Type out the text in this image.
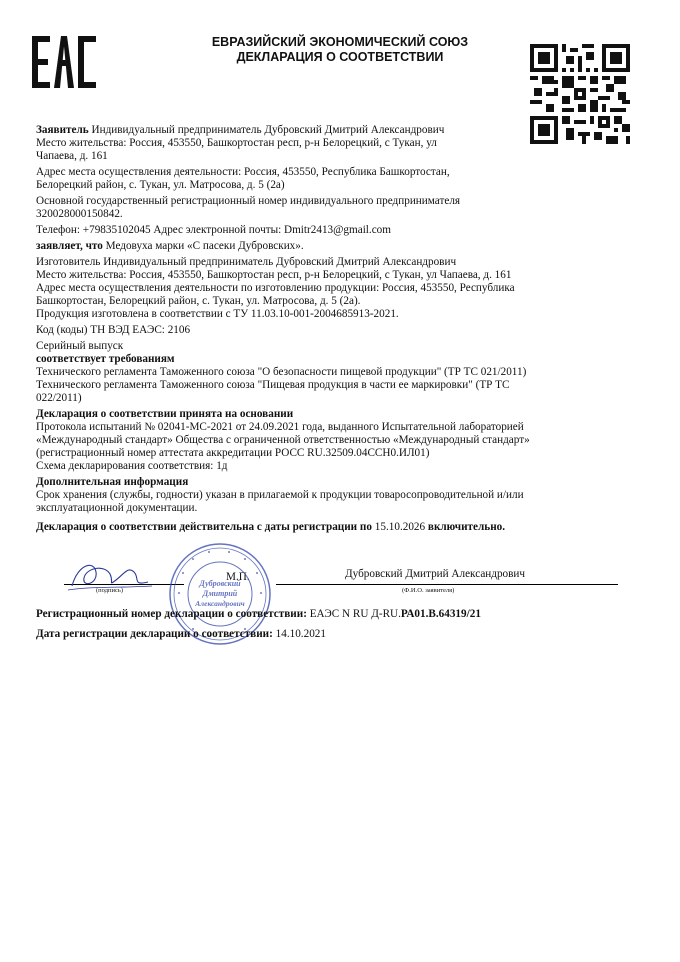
ЕВРАЗИЙСКИЙ ЭКОНОМИЧЕСКИЙ СОЮЗ
ДЕКЛАРАЦИЯ О СООТВЕТСТВИИ

Заявитель Индивидуальный предприниматель Дубровский Дмитрий Александрович

Место жительства: Россия, 453550, Башкортостан респ, р-н Белорецкий, с Тукан, ул

Чапаева, д. 161

Адрес места осуществления деятельности: Россия, 453550, Республика Башкортостан,

Белорецкий район, с. Тукан, ул. Матросова, д. 5 (2а)

Основной государственный регистрационный номер индивидуального предпринимателя

320028000150842.

Телефон: +79835102045 Адрес электронной почты: Dmitr2413@gmail.com

заявляет, что Медовуха марки «С пасеки Дубровских».

Изготовитель Индивидуальный предприниматель Дубровский Дмитрий Александрович

Место жительства: Россия, 453550, Башкортостан респ, р-н Белорецкий, с Тукан, ул Чапаева, д. 161

Адрес места осуществления деятельности по изготовлению продукции: Россия, 453550, Республика

Башкортостан, Белорецкий район, с. Тукан, ул. Матросова, д. 5 (2а).

Продукция изготовлена в соответствии с ТУ 11.03.10-001-2004685913-2021.

Код (коды) ТН ВЭД ЕАЭС: 2106

Серийный выпуск

соответствует требованиям

Технического регламента Таможенного союза "О безопасности пищевой продукции" (ТР ТС 021/2011)

Технического регламента Таможенного союза "Пищевая продукция в части ее маркировки" (ТР ТС

022/2011)

Декларация о соответствии принята на основании

Протокола испытаний № 02041-МС-2021 от 24.09.2021 года, выданного Испытательной лабораторией

«Международный стандарт» Обществa с ограниченной ответственностью «Международный стандарт»

(регистрационный номер аттестата аккредитации РОСС RU.32509.04ССН0.ИЛ01)

Схема декларирования соответствия: 1д

Дополнительная информация

Срок хранения (службы, годности) указан в прилагаемой к продукции товаросопроводительной и/или

эксплуатационной документации.

Декларация о соответствии действительна с даты регистрации по 15.10.2026 включительно.

(подпись)
М.П.	Дубровский Дмитрий Александрович
(Ф.И.О. заявителя)
Дубровский
Дмитрий
Александрович
Регистрационный номер декларации о соответствии: ЕАЭС N RU Д-RU.РА01.В.64319/21
Дата регистрации декларации о соответствии: 14.10.2021
